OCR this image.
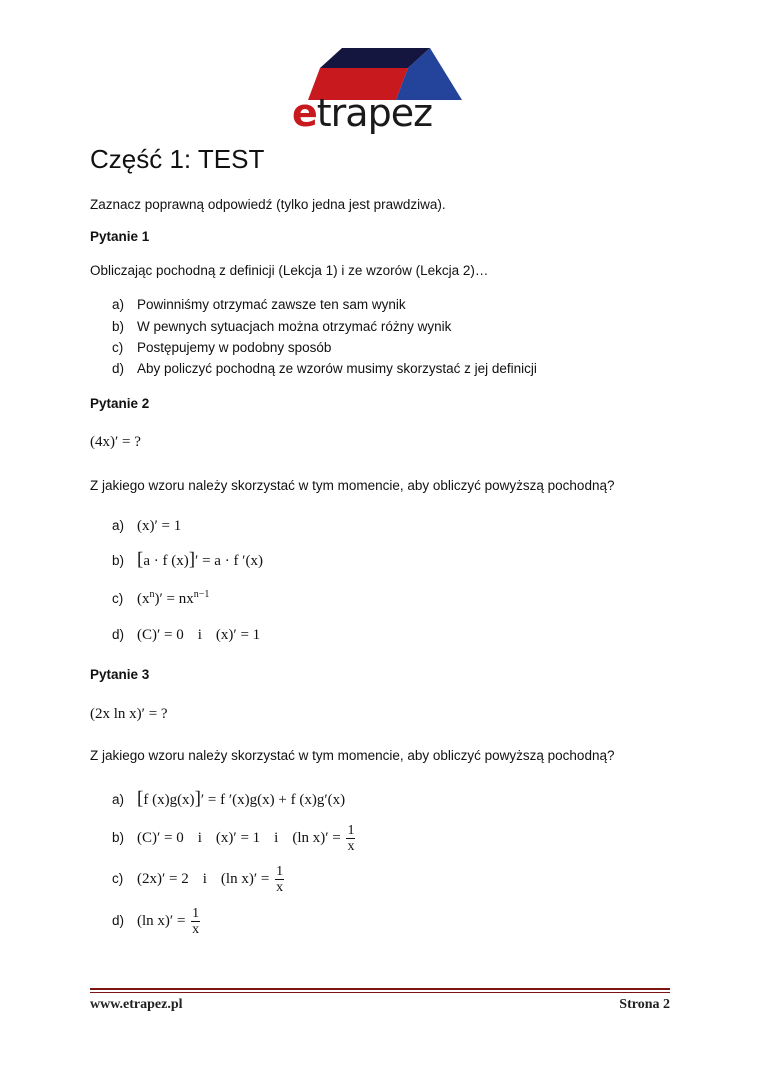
etrapez
Część 1: TEST
Zaznacz poprawną odpowiedź (tylko jedna jest prawdziwa).
Pytanie 1
Obliczając pochodną z definicji (Lekcja 1) i ze wzorów (Lekcja 2)…
a) Powinniśmy otrzymać zawsze ten sam wynik
b) W pewnych sytuacjach można otrzymać różny wynik
c) Postępujemy w podobny sposób
d) Aby policzyć pochodną ze wzorów musimy skorzystać z jej definicji
Pytanie 2
(4x)′ = ?
Z jakiego wzoru należy skorzystać w tym momencie, aby obliczyć powyższą pochodną?
a) (x)′ = 1
b) [a · f (x)]′ = a · f ′(x)
c) $(x^n)' = nx^{n-1}$
d) (C)′ = 0 i (x)′ = 1
Pytanie 3
(2x ln x)′ = ?
Z jakiego wzoru należy skorzystać w tym momencie, aby obliczyć powyższą pochodną?
a) [f (x)g(x)]′ = f ′(x)g(x) + f (x)g′(x)
b) (C)′ = 0 i (x)′ = 1 i (ln $x)' = \frac{1}{x}$
c) (2x)′ = 2 i (ln $x)' = \frac{1}{x}$
d) (ln $x)' = \frac{1}{x}$
www.etrapez.pl	Strona 2
